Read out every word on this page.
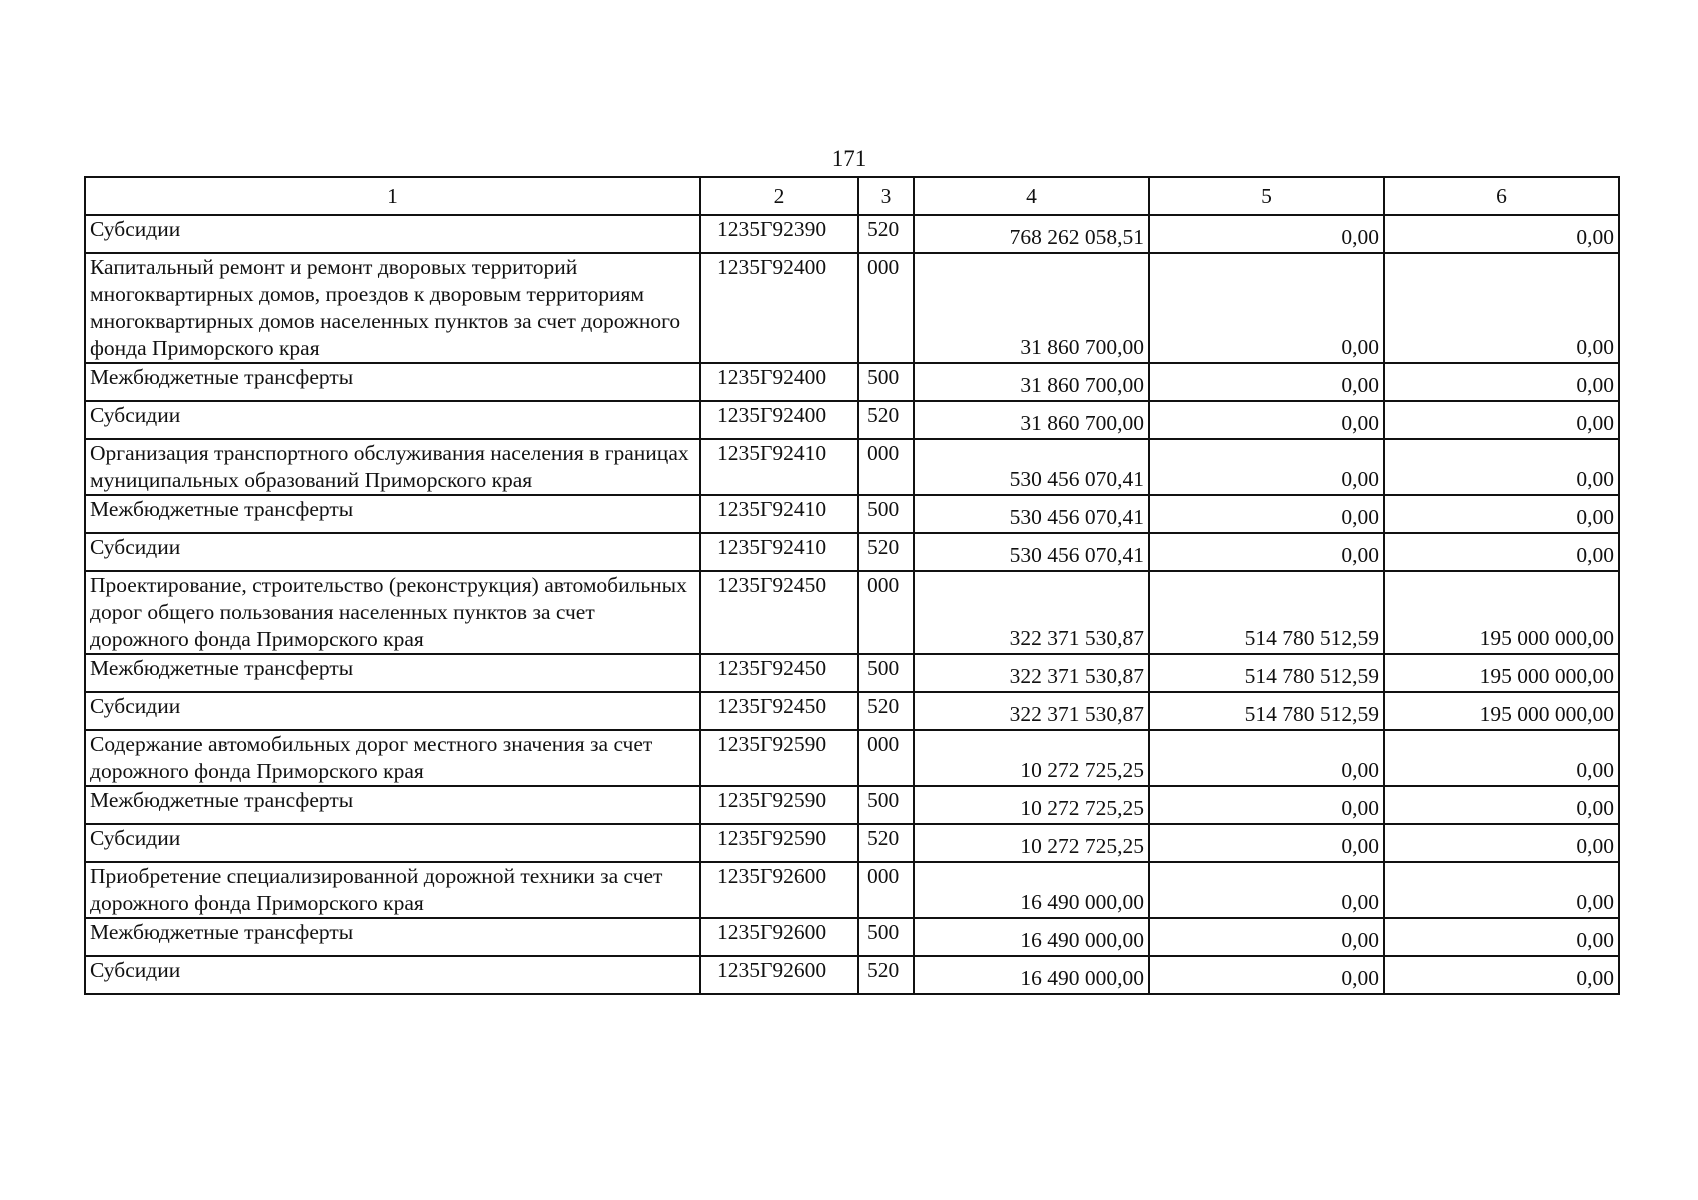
171
1	2	3	4	5	6
Субсидии	1235Г92390	520	768 262 058,51	0,00	0,00
Капитальный ремонт и ремонт дворовых территорий многоквартирных домов, проездов к дворовым территориям многоквартирных домов населенных пунктов за счет дорожного фонда Приморского края	1235Г92400	000	31 860 700,00	0,00	0,00
Межбюджетные трансферты	1235Г92400	500	31 860 700,00	0,00	0,00
Субсидии	1235Г92400	520	31 860 700,00	0,00	0,00
Организация транспортного обслуживания населения в границах муниципальных образований Приморского края	1235Г92410	000	530 456 070,41	0,00	0,00
Межбюджетные трансферты	1235Г92410	500	530 456 070,41	0,00	0,00
Субсидии	1235Г92410	520	530 456 070,41	0,00	0,00
Проектирование, строительство (реконструкция) автомобильных дорог общего пользования населенных пунктов за счет дорожного фонда Приморского края	1235Г92450	000	322 371 530,87	514 780 512,59	195 000 000,00
Межбюджетные трансферты	1235Г92450	500	322 371 530,87	514 780 512,59	195 000 000,00
Субсидии	1235Г92450	520	322 371 530,87	514 780 512,59	195 000 000,00
Содержание автомобильных дорог местного значения за счет дорожного фонда Приморского края	1235Г92590	000	10 272 725,25	0,00	0,00
Межбюджетные трансферты	1235Г92590	500	10 272 725,25	0,00	0,00
Субсидии	1235Г92590	520	10 272 725,25	0,00	0,00
Приобретение специализированной дорожной техники за счет дорожного фонда Приморского края	1235Г92600	000	16 490 000,00	0,00	0,00
Межбюджетные трансферты	1235Г92600	500	16 490 000,00	0,00	0,00
Субсидии	1235Г92600	520	16 490 000,00	0,00	0,00
